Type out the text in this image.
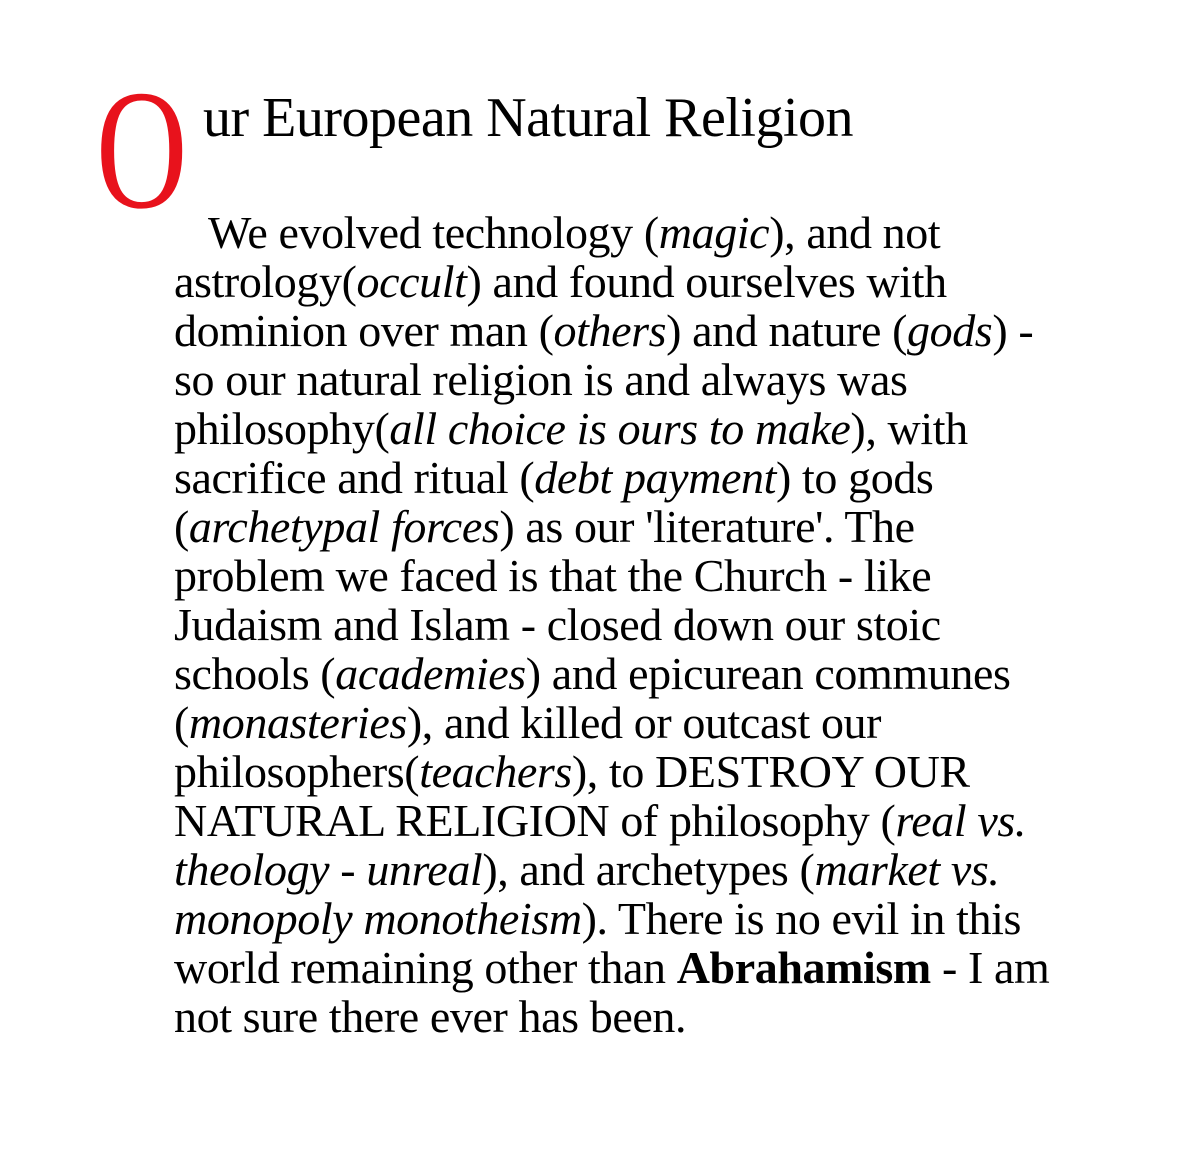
O ur European Natural Religion
We evolved technology (magic), and not
astrology(occult) and found ourselves with
dominion over man (others) and nature (gods) -
so our natural religion is and always was
philosophy(all choice is ours to make), with
sacrifice and ritual (debt payment) to gods
(archetypal forces) as our 'literature'. The
problem we faced is that the Church - like
Judaism and Islam - closed down our stoic
schools (academies) and epicurean communes
(monasteries), and killed or outcast our
philosophers(teachers), to DESTROY OUR
NATURAL RELIGION of philosophy (real vs.
theology - unreal), and archetypes (market vs.
monopoly monotheism). There is no evil in this
world remaining other than Abrahamism - I am
not sure there ever has been.
